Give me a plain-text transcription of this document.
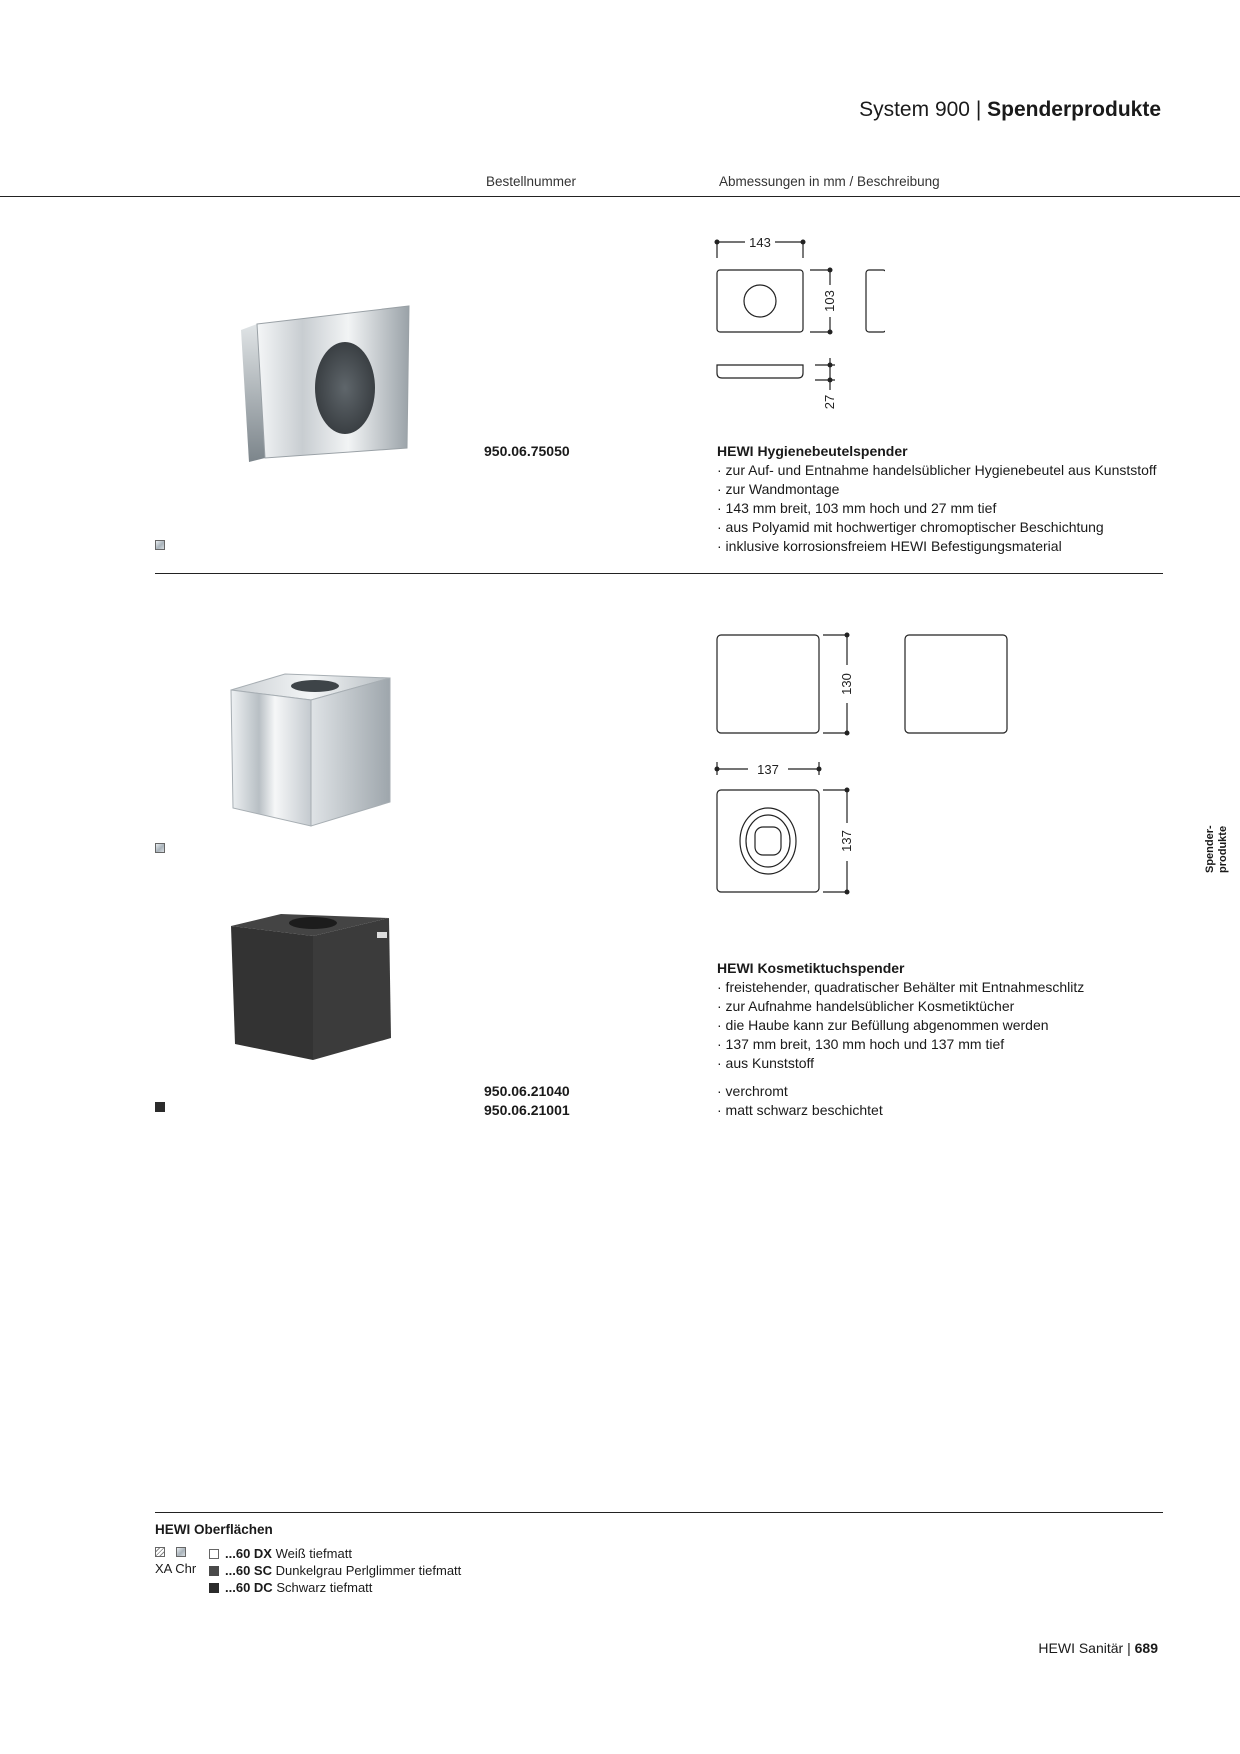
System 900 | Spenderprodukte
Bestellnummer	Abmessungen in mm / Beschreibung
143
103
27
950.06.75050	HEWI Hygienebeutelspender
· zur Auf- und Entnahme handelsüblicher Hygienebeutel aus Kunststoff
· zur Wandmontage
· 143 mm breit, 103 mm hoch und 27 mm tief
· aus Polyamid mit hochwertiger chromoptischer Beschichtung
· inklusive korrosionsfreiem HEWI Befestigungsmaterial
130
137
137
HEWI Kosmetiktuchspender
· freistehender, quadratischer Behälter mit Entnahmeschlitz
· zur Aufnahme handelsüblicher Kosmetiktücher
· die Haube kann zur Befüllung abgenommen werden
· 137 mm breit, 130 mm hoch und 137 mm tief
· aus Kunststoff
950.06.21040	· verchromt
950.06.21001	· matt schwarz beschichtet
Spender- produkte
HEWI Oberflächen
XA Chr
...60 DX Weiß tiefmatt
...60 SC Dunkelgrau Perlglimmer tiefmatt
...60 DC Schwarz tiefmatt
HEWI Sanitär | 689
